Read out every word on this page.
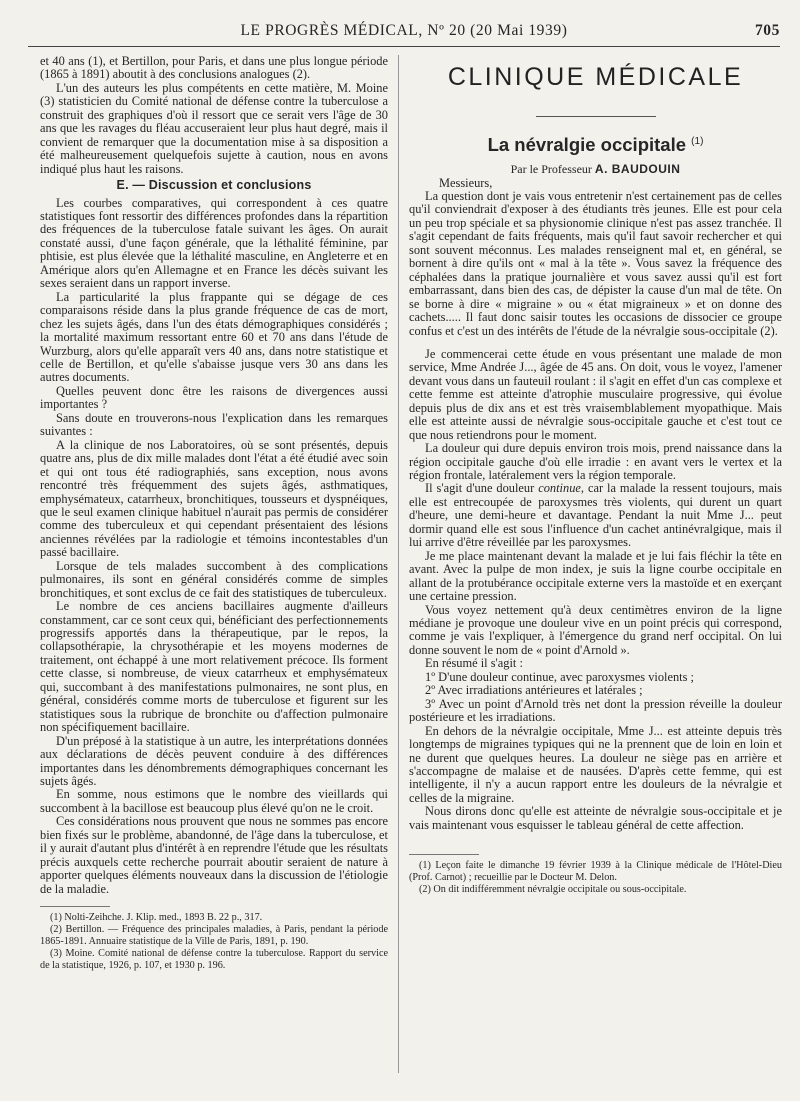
LE PROGRÈS MÉDICAL, Nº 20 (20 Mai 1939)	705

et 40 ans (1), et Bertillon, pour Paris, et dans une plus longue période (1865 à 1891) aboutit à des conclusions analogues (2).

L'un des auteurs les plus compétents en cette matière, M. Moine (3) statisticien du Comité national de défense contre la tuberculose a construit des graphiques d'où il ressort que ce serait vers l'âge de 30 ans que les ravages du fléau accuseraient leur plus haut degré, mais il convient de remarquer que la documentation mise à sa disposition a été malheureusement quelquefois sujette à caution, nous en avons indiqué plus haut les raisons.

E. — Discussion et conclusions

Les courbes comparatives, qui correspondent à ces quatre statistiques font ressortir des différences profondes dans la répartition des fréquences de la tuberculose fatale suivant les âges. On aurait constaté aussi, d'une façon générale, que la léthalité féminine, par phtisie, est plus élevée que la léthalité masculine, en Angleterre et en Amérique alors qu'en Allemagne et en France les décès suivant les sexes seraient dans un rapport inverse.

La particularité la plus frappante qui se dégage de ces comparaisons réside dans la plus grande fréquence de cas de mort, chez les sujets âgés, dans l'un des états démographiques considérés ; la mortalité maximum ressortant entre 60 et 70 ans dans l'étude de Wurzburg, alors qu'elle apparaît vers 40 ans, dans notre statistique et celle de Bertillon, et qu'elle s'abaisse jusque vers 30 ans dans les autres documents.

Quelles peuvent donc être les raisons de divergences aussi importantes ?

Sans doute en trouverons-nous l'explication dans les remarques suivantes :

A la clinique de nos Laboratoires, où se sont présentés, depuis quatre ans, plus de dix mille malades dont l'état a été étudié avec soin et qui ont tous été radiographiés, sans exception, nous avons rencontré très fréquemment des sujets âgés, asthmatiques, emphysémateux, catarrheux, bronchitiques, tousseurs et dyspnéiques, que le seul examen clinique habituel n'aurait pas permis de considérer comme des tuberculeux et qui cependant présentaient des lésions anciennes révélées par la radiologie et témoins incontestables d'un passé bacillaire.

Lorsque de tels malades succombent à des complications pulmonaires, ils sont en général considérés comme de simples bronchitiques, et sont exclus de ce fait des statistiques de tuberculeux.

Le nombre de ces anciens bacillaires augmente d'ailleurs constamment, car ce sont ceux qui, bénéficiant des perfectionnements progressifs apportés dans la thérapeutique, par le repos, la collapsothérapie, la chrysothérapie et les moyens modernes de traitement, ont échappé à une mort relativement précoce. Ils forment cette classe, si nombreuse, de vieux catarrheux et emphysémateux qui, succombant à des manifestations pulmonaires, ne sont plus, en général, considérés comme morts de tuberculose et figurent sur les statistiques sous la rubrique de bronchite ou d'affection pulmonaire non spécifiquement bacillaire.

D'un préposé à la statistique à un autre, les interprétations données aux déclarations de décès peuvent conduire à des différences importantes dans les dénombrements démographiques concernant les sujets âgés.

En somme, nous estimons que le nombre des vieillards qui succombent à la bacillose est beaucoup plus élevé qu'on ne le croit.

Ces considérations nous prouvent que nous ne sommes pas encore bien fixés sur le problème, abandonné, de l'âge dans la tuberculose, et il y aurait d'autant plus d'intérêt à en reprendre l'étude que les résultats précis auxquels cette recherche pourrait aboutir seraient de nature à apporter quelques éléments nouveaux dans la discussion de l'étiologie de la maladie.

(1) Nolti-Zeihche. J. Klip. med., 1893 B. 22 p., 317.

(2) Bertillon. — Fréquence des principales maladies, à Paris, pendant la période 1865-1891. Annuaire statistique de la Ville de Paris, 1891, p. 190.

(3) Moine. Comité national de défense contre la tuberculose. Rapport du service de la statistique, 1926, p. 107, et 1930 p. 196.

CLINIQUE MÉDICALE
La névralgie occipitale $^{(1)}$
Par le Professeur A. BAUDOUIN

Messieurs,

La question dont je vais vous entretenir n'est certainement pas de celles qu'il conviendrait d'exposer à des étudiants très jeunes. Elle est pour cela un peu trop spéciale et sa physionomie clinique n'est pas assez tranchée. Il s'agit cependant de faits fréquents, mais qu'il faut savoir rechercher et qui sont souvent méconnus. Les malades renseignent mal et, en général, se bornent à dire qu'ils ont « mal à la tête ». Vous savez la fréquence des céphalées dans la pratique journalière et vous savez aussi qu'il est fort embarrassant, dans bien des cas, de dépister la cause d'un mal de tête. On se borne à dire « migraine » ou « état migraineux » et on donne des cachets..... Il faut donc saisir toutes les occasions de dissocier ce groupe confus et c'est un des intérêts de l'étude de la névralgie sous-occipitale (2).

Je commencerai cette étude en vous présentant une malade de mon service, Mme Andrée J..., âgée de 45 ans. On doit, vous le voyez, l'amener devant vous dans un fauteuil roulant : il s'agit en effet d'un cas complexe et cette femme est atteinte d'atrophie musculaire progressive, qui évolue depuis plus de dix ans et est très vraisemblablement myopathique. Mais elle est atteinte aussi de névralgie sous-occipitale gauche et c'est tout ce que nous retiendrons pour le moment.

La douleur qui dure depuis environ trois mois, prend naissance dans la région occipitale gauche d'où elle irradie : en avant vers le vertex et la région frontale, latéralement vers la région temporale.

Il s'agit d'une douleur continue, car la malade la ressent toujours, mais elle est entrecoupée de paroxysmes très violents, qui durent un quart d'heure, une demi-heure et davantage. Pendant la nuit Mme J... peut dormir quand elle est sous l'influence d'un cachet antinévralgique, mais il lui arrive d'être réveillée par les paroxysmes.

Je me place maintenant devant la malade et je lui fais fléchir la tête en avant. Avec la pulpe de mon index, je suis la ligne courbe occipitale en allant de la protubérance occipitale externe vers la mastoïde et en exerçant une certaine pression.

Vous voyez nettement qu'à deux centimètres environ de la ligne médiane je provoque une douleur vive en un point précis qui correspond, comme je vais l'expliquer, à l'émergence du grand nerf occipital. On lui donne souvent le nom de « point d'Arnold ».

En résumé il s'agit :

1º D'une douleur continue, avec paroxysmes violents ;

2º Avec irradiations antérieures et latérales ;

3º Avec un point d'Arnold très net dont la pression réveille la douleur postérieure et les irradiations.

En dehors de la névralgie occipitale, Mme J... est atteinte depuis très longtemps de migraines typiques qui ne la prennent que de loin en loin et ne durent que quelques heures. La douleur ne siège pas en arrière et s'accompagne de malaise et de nausées. D'après cette femme, qui est intelligente, il n'y a aucun rapport entre les douleurs de la névralgie et celles de la migraine.

Nous dirons donc qu'elle est atteinte de névralgie sous-occipitale et je vais maintenant vous esquisser le tableau général de cette affection.

(1) Leçon faite le dimanche 19 février 1939 à la Clinique médicale de l'Hôtel-Dieu (Prof. Carnot) ; recueillie par le Docteur M. Delon.

(2) On dit indifféremment névralgie occipitale ou sous-occipitale.
